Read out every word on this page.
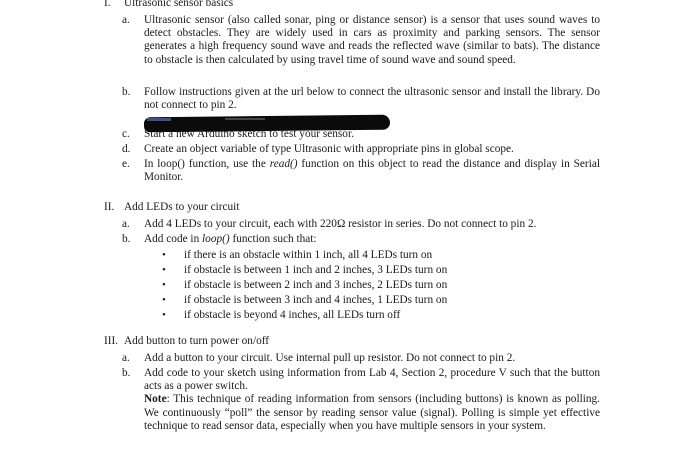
I. Ultrasonic sensor basics
a.	Ultrasonic sensor (also called sonar, ping or distance sensor) is a sensor that uses sound waves to detect obstacles. They are widely used in cars as proximity and parking sensors. The sensor generates a high frequency sound wave and reads the reflected wave (similar to bats). The distance to obstacle is then calculated by using travel time of sound wave and sound speed.
b.	Follow instructions given at the url below to connect the ultrasonic sensor and install the library. Do not connect to pin 2.
c.	Start a new Arduino sketch to test your sensor.
d.	Create an object variable of type Ultrasonic with appropriate pins in global scope.
e.	In loop() function, use the read() function on this object to read the distance and display in Serial Monitor.
II. Add LEDs to your circuit
a.	Add 4 LEDs to your circuit, each with 220Ω resistor in series. Do not connect to pin 2.
b.	Add code in loop() function such that:
• if there is an obstacle within 1 inch, all 4 LEDs turn on
• if obstacle is between 1 inch and 2 inches, 3 LEDs turn on
• if obstacle is between 2 inch and 3 inches, 2 LEDs turn on
• if obstacle is between 3 inch and 4 inches, 1 LEDs turn on
• if obstacle is beyond 4 inches, all LEDs turn off
III. Add button to turn power on/off
a.	Add a button to your circuit. Use internal pull up resistor. Do not connect to pin 2.
b.	Add code to your sketch using information from Lab 4, Section 2, procedure V such that the button acts as a power switch.
Note: This technique of reading information from sensors (including buttons) is known as polling. We continuously “poll” the sensor by reading sensor value (signal). Polling is simple yet effective technique to read sensor data, especially when you have multiple sensors in your system.
